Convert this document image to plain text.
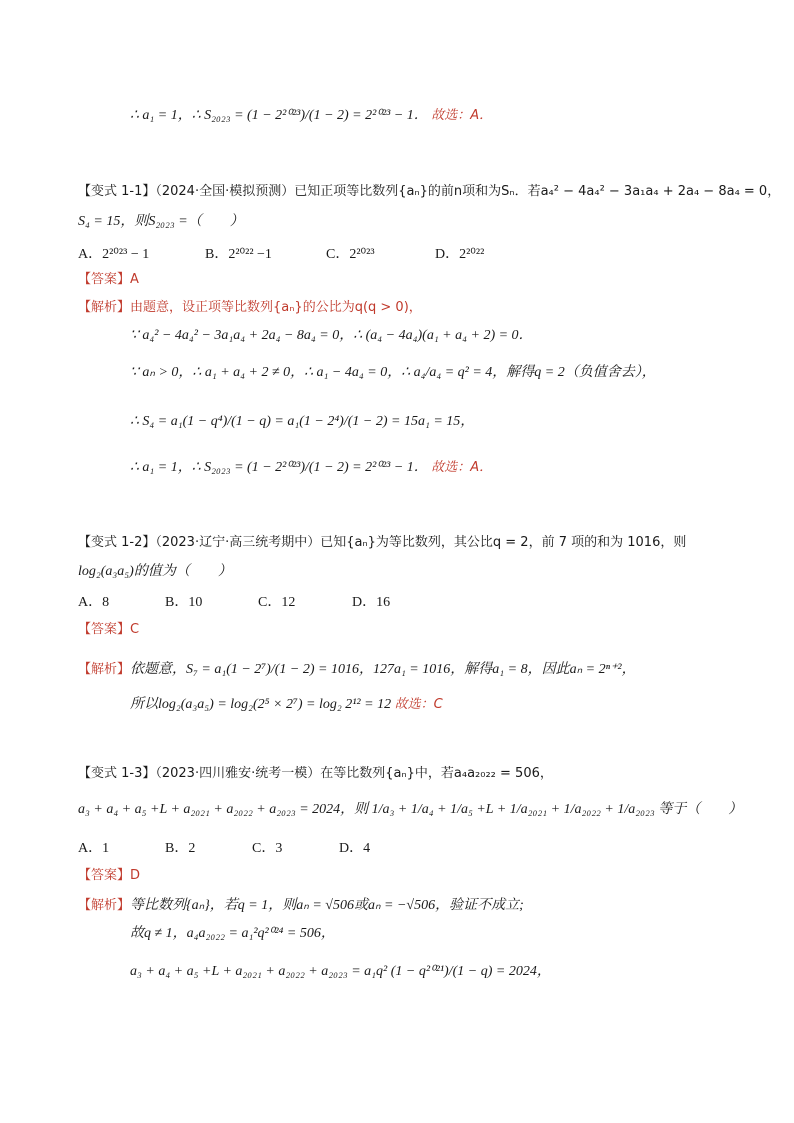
∴ a₁ = 1，∴ S₂₀₂₃ = (1 − 2²⁰²³)/(1 − 2) = 2²⁰²³ − 1． 故选：A．
【变式 1-1】（2024·全国·模拟预测）已知正项等比数列{aₙ}的前n项和为Sₙ．若a₄² − 4a₄² − 3a₁a₄ + 2a₄ − 8a₄ = 0，
S₄ = 15，则S₂₀₂₃ =（　　）
A．2²⁰²³ − 1	B．2²⁰²² −1	C．2²⁰²³	D．2²⁰²²
【答案】A
【解析】由题意，设正项等比数列{aₙ}的公比为q(q > 0)，
∵ a₄² − 4a₄² − 3a₁a₄ + 2a₄ − 8a₄ = 0，∴ (a₄ − 4a₄)(a₁ + a₄ + 2) = 0．
∵ aₙ > 0，∴ a₁ + a₄ + 2 ≠ 0，∴ a₁ − 4a₄ = 0，∴ a₄/a₄ = q² = 4，解得q = 2（负值舍去），
∴ S₄ = a₁(1 − q⁴)/(1 − q) = a₁(1 − 2⁴)/(1 − 2) = 15a₁ = 15，
∴ a₁ = 1，∴ S₂₀₂₃ = (1 − 2²⁰²³)/(1 − 2) = 2²⁰²³ − 1． 故选：A．
【变式 1-2】（2023·辽宁·高三统考期中）已知{aₙ}为等比数列，其公比q = 2，前 7 项的和为 1016，则
log₂(a₃a₅)的值为（　　）
A．8	B．10	C．12	D．16
【答案】C
【解析】依题意，S₇ = a₁(1 − 2⁷)/(1 − 2) = 1016，127a₁ = 1016，解得a₁ = 8，因此aₙ = 2ⁿ⁺²，
所以log₂(a₃a₅) = log₂(2⁵ × 2⁷) = log₂ 2¹² = 12 故选：C
【变式 1-3】（2023·四川雅安·统考一模）在等比数列{aₙ}中，若a₄a₂₀₂₂ = 506，
a₃ + a₄ + a₅ +L + a₂₀₂₁ + a₂₀₂₂ + a₂₀₂₃ = 2024，则 1/a₃ + 1/a₄ + 1/a₅ +L + 1/a₂₀₂₁ + 1/a₂₀₂₂ + 1/a₂₀₂₃ 等于（　　）
A．1	B．2	C．3	D．4
【答案】D
【解析】等比数列{aₙ}，若q = 1，则aₙ = √506或aₙ = −√506，验证不成立;
故q ≠ 1，a₄a₂₀₂₂ = a₁²q²⁰²⁴ = 506，
a₃ + a₄ + a₅ +L + a₂₀₂₁ + a₂₀₂₂ + a₂₀₂₃ = a₁q² (1 − q²⁰²¹)/(1 − q) = 2024，
